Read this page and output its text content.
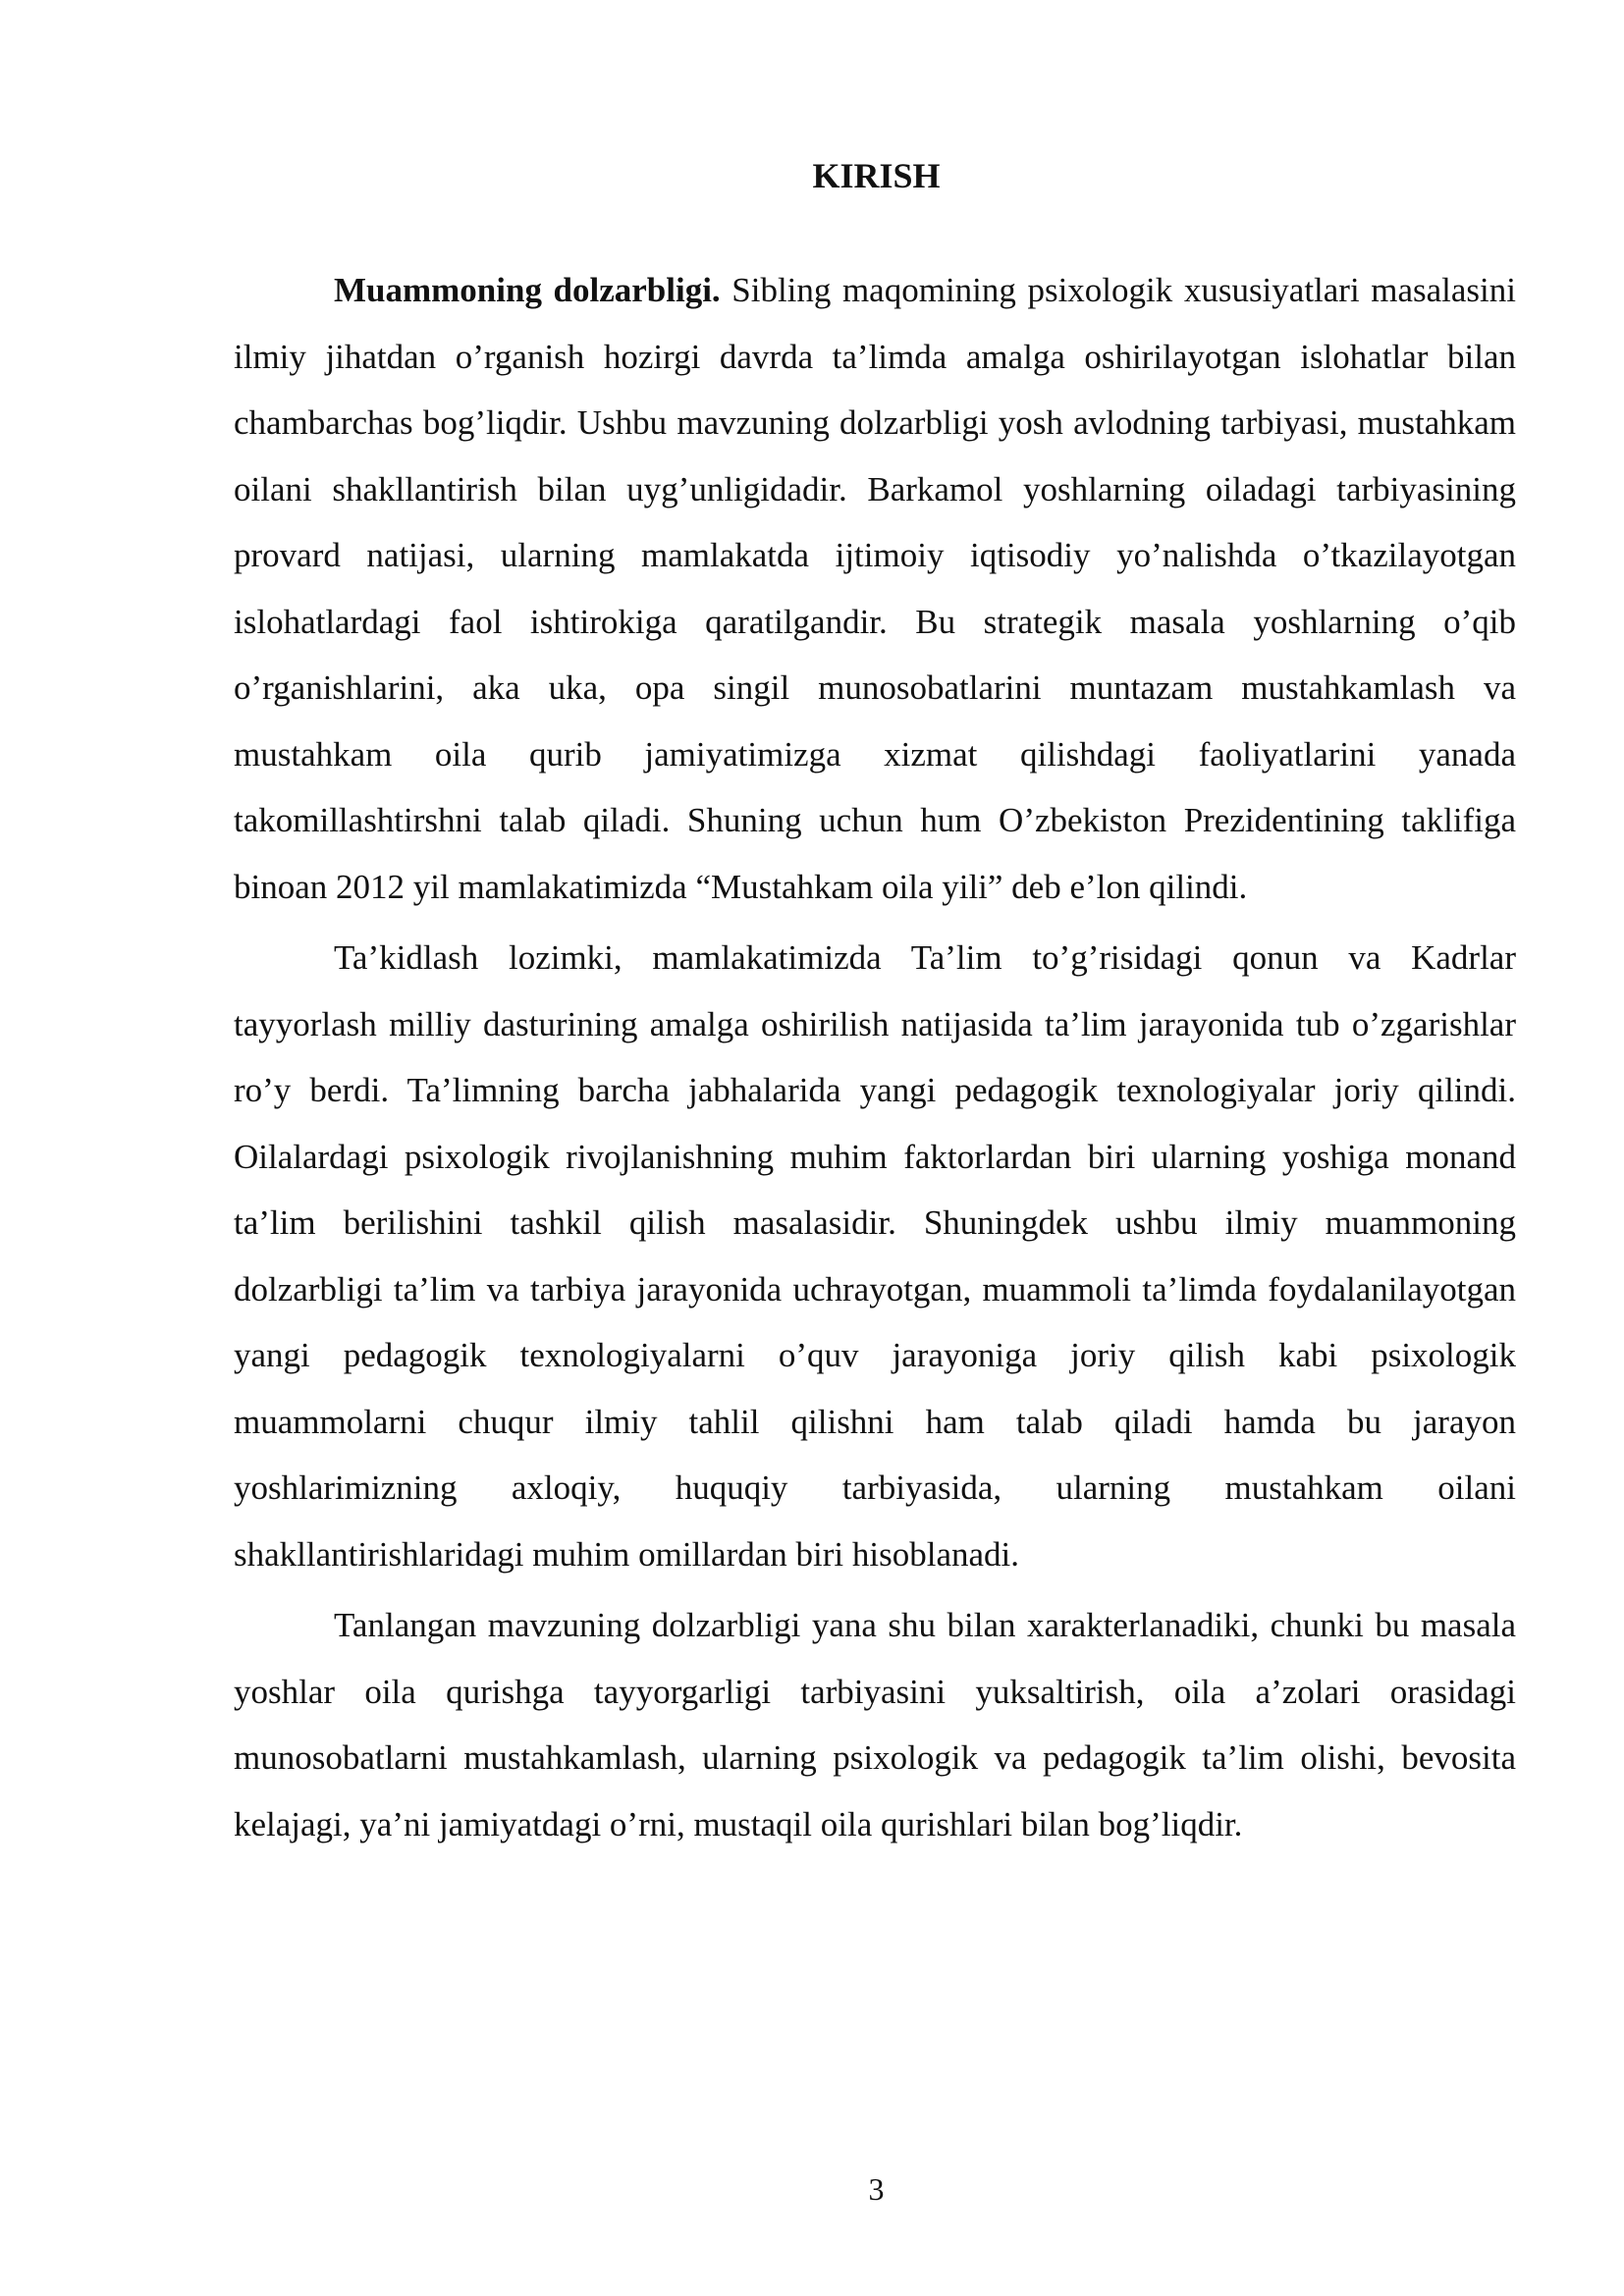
KIRISH

Muammoning dolzarbligi. Sibling maqomining psixologik xususiyatlari masalasini ilmiy jihatdan o’rganish hozirgi davrda ta’limda amalga oshirilayotgan islohatlar bilan chambarchas bog’liqdir. Ushbu mavzuning dolzarbligi yosh avlodning tarbiyasi, mustahkam oilani shakllantirish bilan uyg’unligidadir. Barkamol yoshlarning oiladagi tarbiyasining provard natijasi, ularning mamlakatda ijtimoiy iqtisodiy yo’nalishda o’tkazilayotgan islohatlardagi faol ishtirokiga qaratilgandir. Bu strategik masala yoshlarning o’qib o’rganishlarini, aka uka, opa singil munosobatlarini muntazam mustahkamlash va mustahkam oila qurib jamiyatimizga xizmat qilishdagi faoliyatlarini yanada takomillashtirshni talab qiladi. Shuning uchun hum O’zbekiston Prezidentining taklifiga binoan 2012 yil mamlakatimizda “Mustahkam oila yili” deb e’lon qilindi.

Ta’kidlash lozimki, mamlakatimizda Ta’lim to’g’risidagi qonun va Kadrlar tayyorlash milliy dasturining amalga oshirilish natijasida ta’lim jarayonida tub o’zgarishlar ro’y berdi. Ta’limning barcha jabhalarida yangi pedagogik texnologiyalar joriy qilindi. Oilalardagi psixologik rivojlanishning muhim faktorlardan biri ularning yoshiga monand ta’lim berilishini tashkil qilish masalasidir. Shuningdek ushbu ilmiy muammoning dolzarbligi ta’lim va tarbiya jarayonida uchrayotgan, muammoli ta’limda foydalanilayotgan yangi pedagogik texnologiyalarni o’quv jarayoniga joriy qilish kabi psixologik muammolarni chuqur ilmiy tahlil qilishni ham talab qiladi hamda bu jarayon yoshlarimizning axloqiy, huquqiy tarbiyasida, ularning mustahkam oilani shakllantirishlaridagi muhim omillardan biri hisoblanadi.

Tanlangan mavzuning dolzarbligi yana shu bilan xarakterlanadiki, chunki bu masala yoshlar oila qurishga tayyorgarligi tarbiyasini yuksaltirish, oila a’zolari orasidagi munosobatlarni mustahkamlash, ularning psixologik va pedagogik ta’lim olishi, bevosita kelajagi, ya’ni jamiyatdagi o’rni, mustaqil oila qurishlari bilan bog’liqdir.

3
